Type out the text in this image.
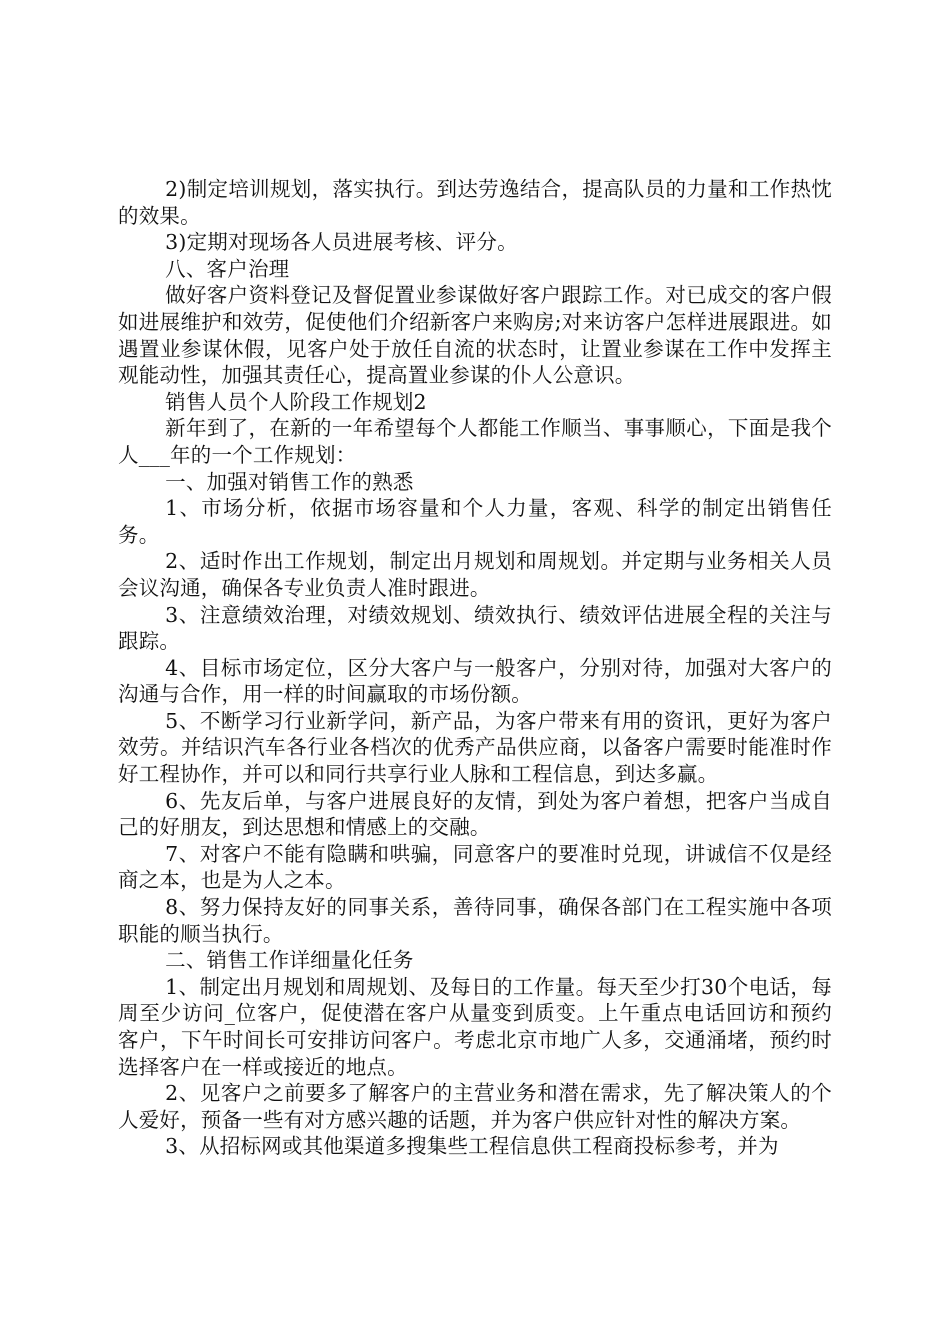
2)制定培训规划，落实执行。到达劳逸结合，提高队员的力量和工作热忱的效果。

3)定期对现场各人员进展考核、评分。

八、客户治理

做好客户资料登记及督促置业参谋做好客户跟踪工作。对已成交的客户假如进展维护和效劳，促使他们介绍新客户来购房;对来访客户怎样进展跟进。如遇置业参谋休假，见客户处于放任自流的状态时，让置业参谋在工作中发挥主观能动性，加强其责任心，提高置业参谋的仆人公意识。

销售人员个人阶段工作规划2

新年到了，在新的一年希望每个人都能工作顺当、事事顺心，下面是我个人___年的一个工作规划：

一、加强对销售工作的熟悉

1、市场分析，依据市场容量和个人力量，客观、科学的制定出销售任务。

2、适时作出工作规划，制定出月规划和周规划。并定期与业务相关人员会议沟通，确保各专业负责人准时跟进。

3、注意绩效治理，对绩效规划、绩效执行、绩效评估进展全程的关注与跟踪。

4、目标市场定位，区分大客户与一般客户，分别对待，加强对大客户的沟通与合作，用一样的时间赢取的市场份额。

5、不断学习行业新学问，新产品，为客户带来有用的资讯，更好为客户效劳。并结识汽车各行业各档次的优秀产品供应商，以备客户需要时能准时作好工程协作，并可以和同行共享行业人脉和工程信息，到达多赢。

6、先友后单，与客户进展良好的友情，到处为客户着想，把客户当成自己的好朋友，到达思想和情感上的交融。

7、对客户不能有隐瞒和哄骗，同意客户的要准时兑现，讲诚信不仅是经商之本，也是为人之本。

8、努力保持友好的同事关系，善待同事，确保各部门在工程实施中各项职能的顺当执行。

二、销售工作详细量化任务

1、制定出月规划和周规划、及每日的工作量。每天至少打30个电话，每周至少访问_位客户，促使潜在客户从量变到质变。上午重点电话回访和预约客户，下午时间长可安排访问客户。考虑北京市地广人多，交通涌堵，预约时选择客户在一样或接近的地点。

2、见客户之前要多了解客户的主营业务和潜在需求，先了解决策人的个人爱好，预备一些有对方感兴趣的话题，并为客户供应针对性的解决方案。

3、从招标网或其他渠道多搜集些工程信息供工程商投标参考，并为
